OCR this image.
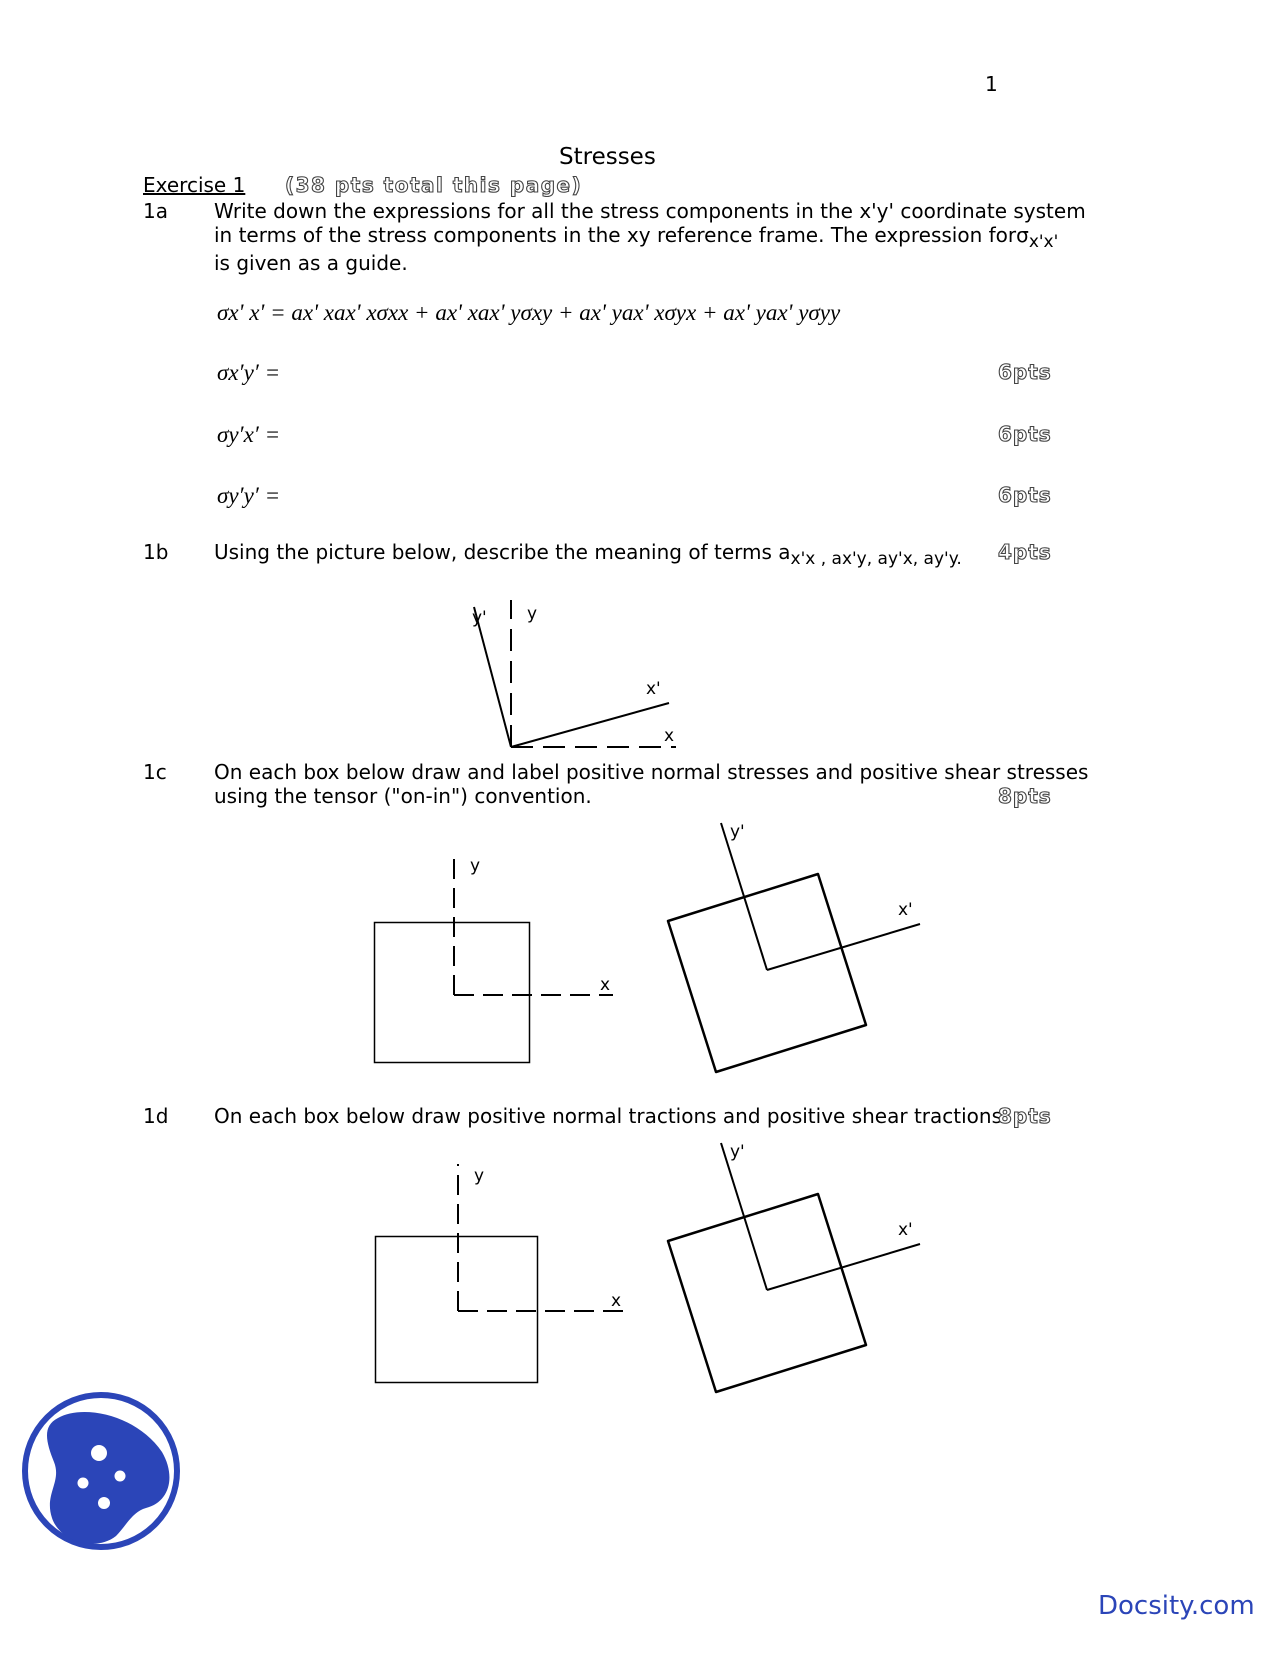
1
Stresses
Exercise 1 (38 pts total this page)
1a Write down the expressions for all the stress components in the x'y' coordinate system
in terms of the stress components in the xy reference frame. The expression forσ$_{x'x'}$
is given as a guide.
σx' x' = ax' xax' xσxx + ax' xax' yσxy + ax' yax' xσyx + ax' yax' yσyy
σx′y′ =	6pts
σy′x′ =	6pts
σy′y′ =	6pts
1b Using the picture below, describe the meaning of terms $a_{x'x , ax'y, ay'x, ay'y.}$ 4pts
y' y
x'
x
1c On each box below draw and label positive normal stresses and positive shear stresses
using the tensor ("on-in") convention.	8pts
y
x
y'
x'
1d On each box below draw positive normal tractions and positive shear tractions.
8pts
y
x
y'
x'
Docsity.com
